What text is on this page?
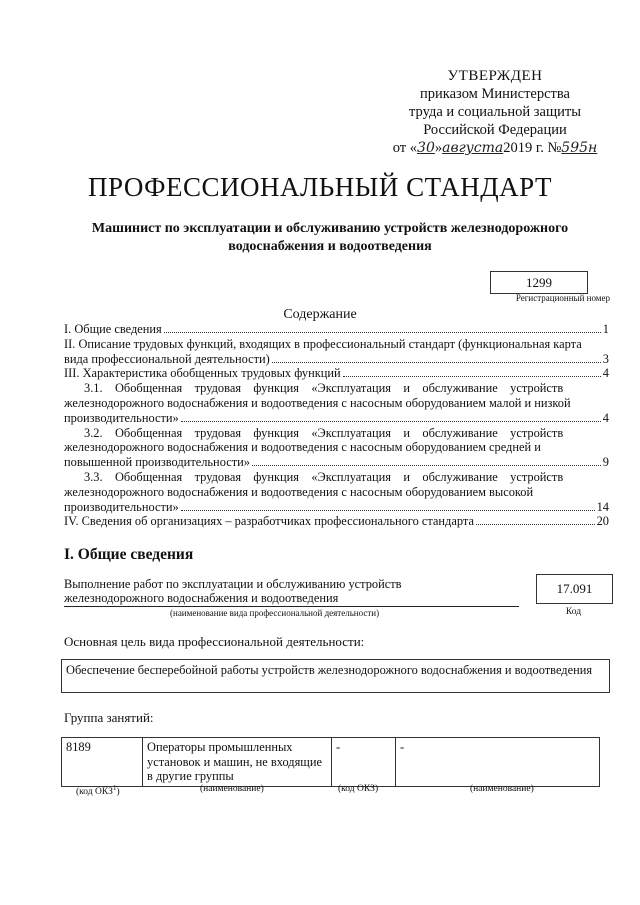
УТВЕРЖДЕН
приказом Министерства
труда и социальной защиты
Российской Федерации
от «30»августа2019 г. №595н
ПРОФЕССИОНАЛЬНЫЙ СТАНДАРТ
Машинист по эксплуатации и обслуживанию устройств железнодорожного водоснабжения и водоотведения
1299
Регистрационный номер
Содержание
I. Общие сведения	1
II. Описание трудовых функций, входящих в профессиональный стандарт (функциональная карта
вида профессиональной деятельности)	3
III. Характеристика обобщенных трудовых функций	4
3.1.    Обобщенная    трудовая    функция    «Эксплуатация    и    обслуживание    устройств
железнодорожного водоснабжения и водоотведения с насосным оборудованием малой и низкой
производительности»	4
3.2.    Обобщенная    трудовая    функция    «Эксплуатация    и    обслуживание    устройств
железнодорожного водоснабжения и водоотведения с насосным оборудованием средней и
повышенной производительности»	9
3.3.    Обобщенная    трудовая    функция    «Эксплуатация    и    обслуживание    устройств
железнодорожного водоснабжения и водоотведения с насосным оборудованием высокой
производительности»	14
IV. Сведения об организациях – разработчиках профессионального стандарта	20
I. Общие сведения
Выполнение работ по эксплуатации и обслуживанию устройств
железнодорожного водоснабжения и водоотведения
(наименование вида профессиональной деятельности)
17.091
Код
Основная цель вида профессиональной деятельности:
Обеспечение бесперебойной работы устройств железнодорожного водоснабжения и водоотведения
Группа занятий:
8189	Операторы промышленных установок и машин, не входящие в другие группы	-	-
(код ОКЗ$^1$)	(наименование)	(код ОКЗ)	(наименование)
